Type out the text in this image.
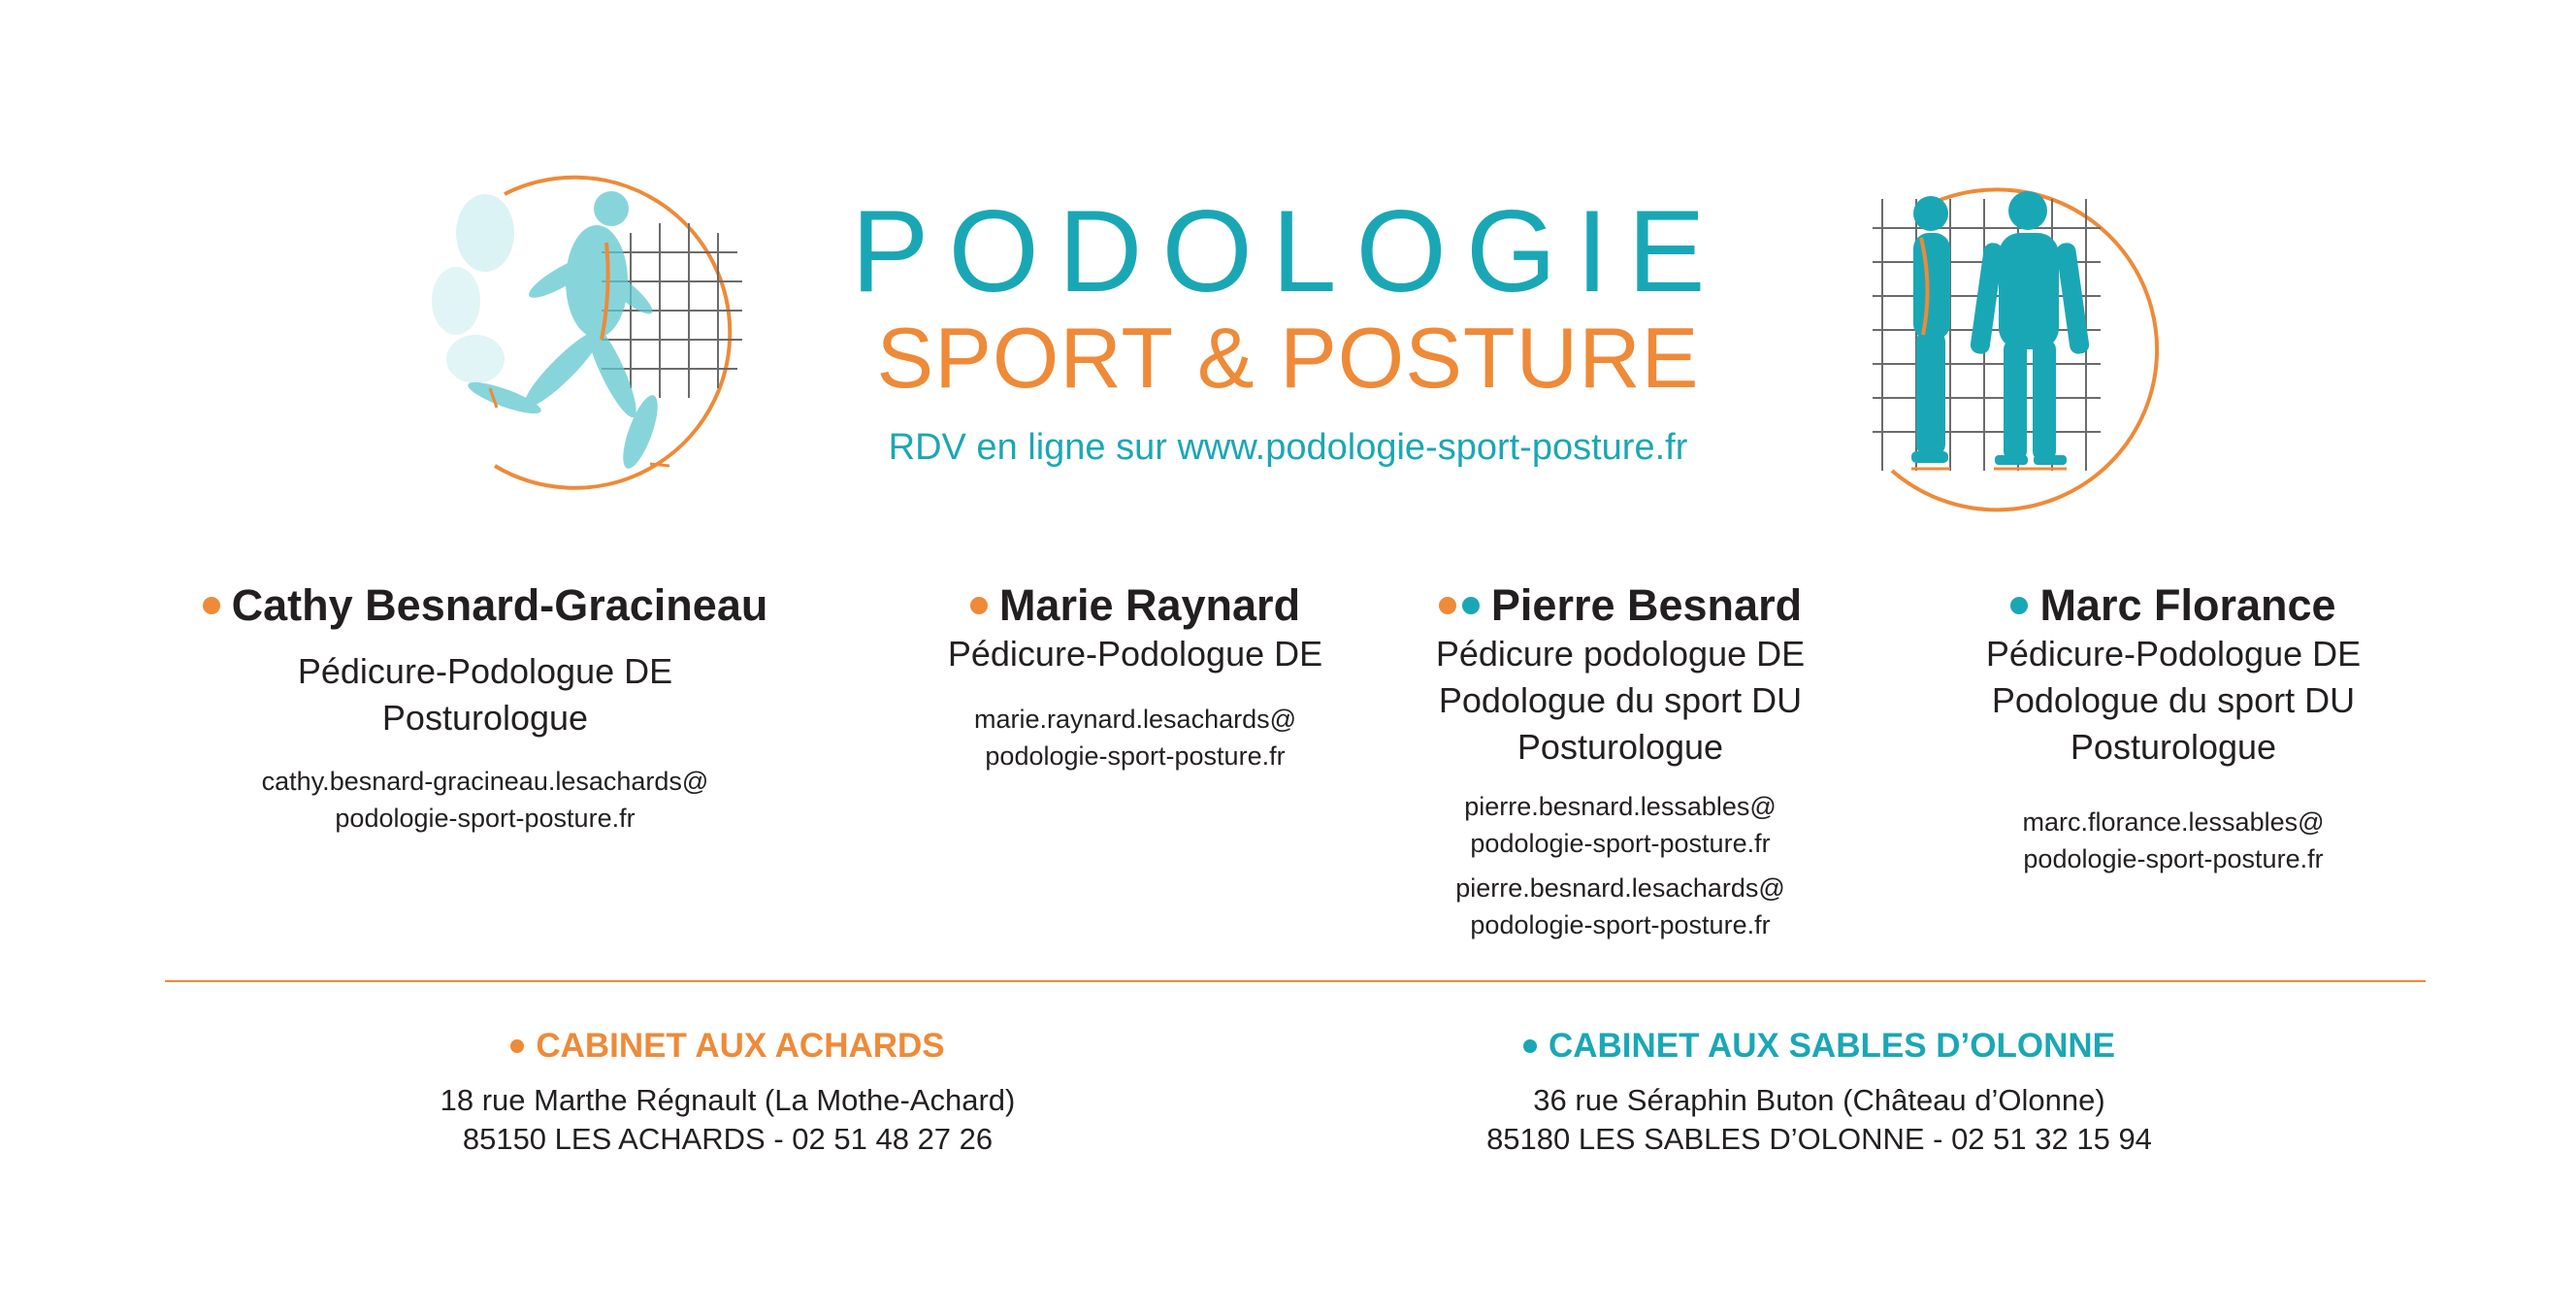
PODOLOGIE
SPORT & POSTURE
RDV en ligne sur www.podologie-sport-posture.fr
Cathy Besnard-Gracineau
Pédicure-Podologue DE
Posturologue
cathy.besnard-gracineau.lesachards@
podologie-sport-posture.fr
Marie Raynard
Pédicure-Podologue DE
marie.raynard.lesachards@
podologie-sport-posture.fr
Pierre Besnard
Pédicure podologue DE
Podologue du sport DU
Posturologue
pierre.besnard.lessables@
podologie-sport-posture.fr
pierre.besnard.lesachards@
podologie-sport-posture.fr
Marc Florance
Pédicure-Podologue DE
Podologue du sport DU
Posturologue
marc.florance.lessables@
podologie-sport-posture.fr
CABINET AUX ACHARDS
18 rue Marthe Régnault (La Mothe-Achard)
85150 LES ACHARDS - 02 51 48 27 26
CABINET AUX SABLES D’OLONNE
36 rue Séraphin Buton (Château d’Olonne)
85180 LES SABLES D’OLONNE - 02 51 32 15 94
